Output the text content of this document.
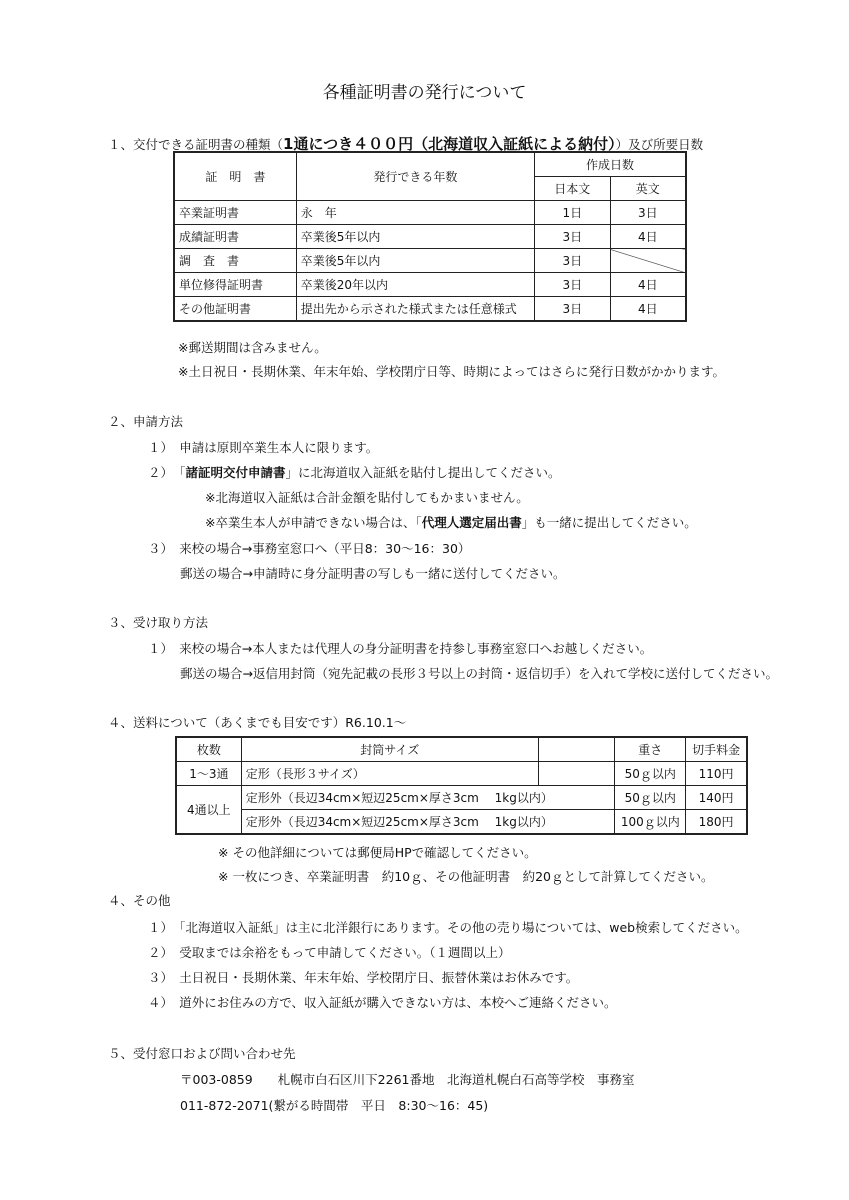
各種証明書の発行について
１、交付できる証明書の種類（1通につき４００円（北海道収入証紙による納付））及び所要日数
証　明　書	発行できる年数	作成日数	
		日本文	英文
卒業証明書	永　年	1日	3日
成績証明書	卒業後5年以内	3日	4日
調　査　書	卒業後5年以内	3日	
単位修得証明書	卒業後20年以内	3日	4日
その他証明書	提出先から示された様式または任意様式	3日	4日
※郵送期間は含みません。
※土日祝日・長期休業、年末年始、学校閉庁日等、時期によってはさらに発行日数がかかります。
２、申請方法
１）　申請は原則卒業生本人に限ります。
２）　「諸証明交付申請書」に北海道収入証紙を貼付し提出してください。
※北海道収入証紙は合計金額を貼付してもかまいません。
※卒業生本人が申請できない場合は、「代理人選定届出書」も一緒に提出してください。
３）　来校の場合→事務室窓口へ（平日8：30～16：30）
郵送の場合→申請時に身分証明書の写しも一緒に送付してください。
３、受け取り方法
１）　来校の場合→本人または代理人の身分証明書を持参し事務室窓口へお越しください。
郵送の場合→返信用封筒（宛先記載の長形３号以上の封筒・返信切手）を入れて学校に送付してください。
４、送料について（あくまでも目安です）R6.10.1～
枚数	封筒サイズ		重さ	切手料金
1～3通	定形（長形３サイズ）		50ｇ以内	110円
4通以上	定形外（長辺34cm×短辺25cm×厚さ3cm　 1kg以内）		50ｇ以内	140円
	定形外（長辺34cm×短辺25cm×厚さ3cm　 1kg以内）		100ｇ以内	180円
※ その他詳細については郵便局HPで確認してください。
※ 一枚につき、卒業証明書　約10ｇ、その他証明書　約20ｇとして計算してください。
４、その他
１）　「北海道収入証紙」は主に北洋銀行にあります。その他の売り場については、web検索してください。
２）　受取までは余裕をもって申請してください。（１週間以上）
３）　土日祝日・長期休業、年末年始、学校閉庁日、振替休業はお休みです。
４）　道外にお住みの方で、収入証紙が購入できない方は、本校へご連絡ください。
５、受付窓口および問い合わせ先
〒003-0859　　札幌市白石区川下2261番地　北海道札幌白石高等学校　事務室
011-872-2071(繋がる時間帯　平日　8:30～16：45)
